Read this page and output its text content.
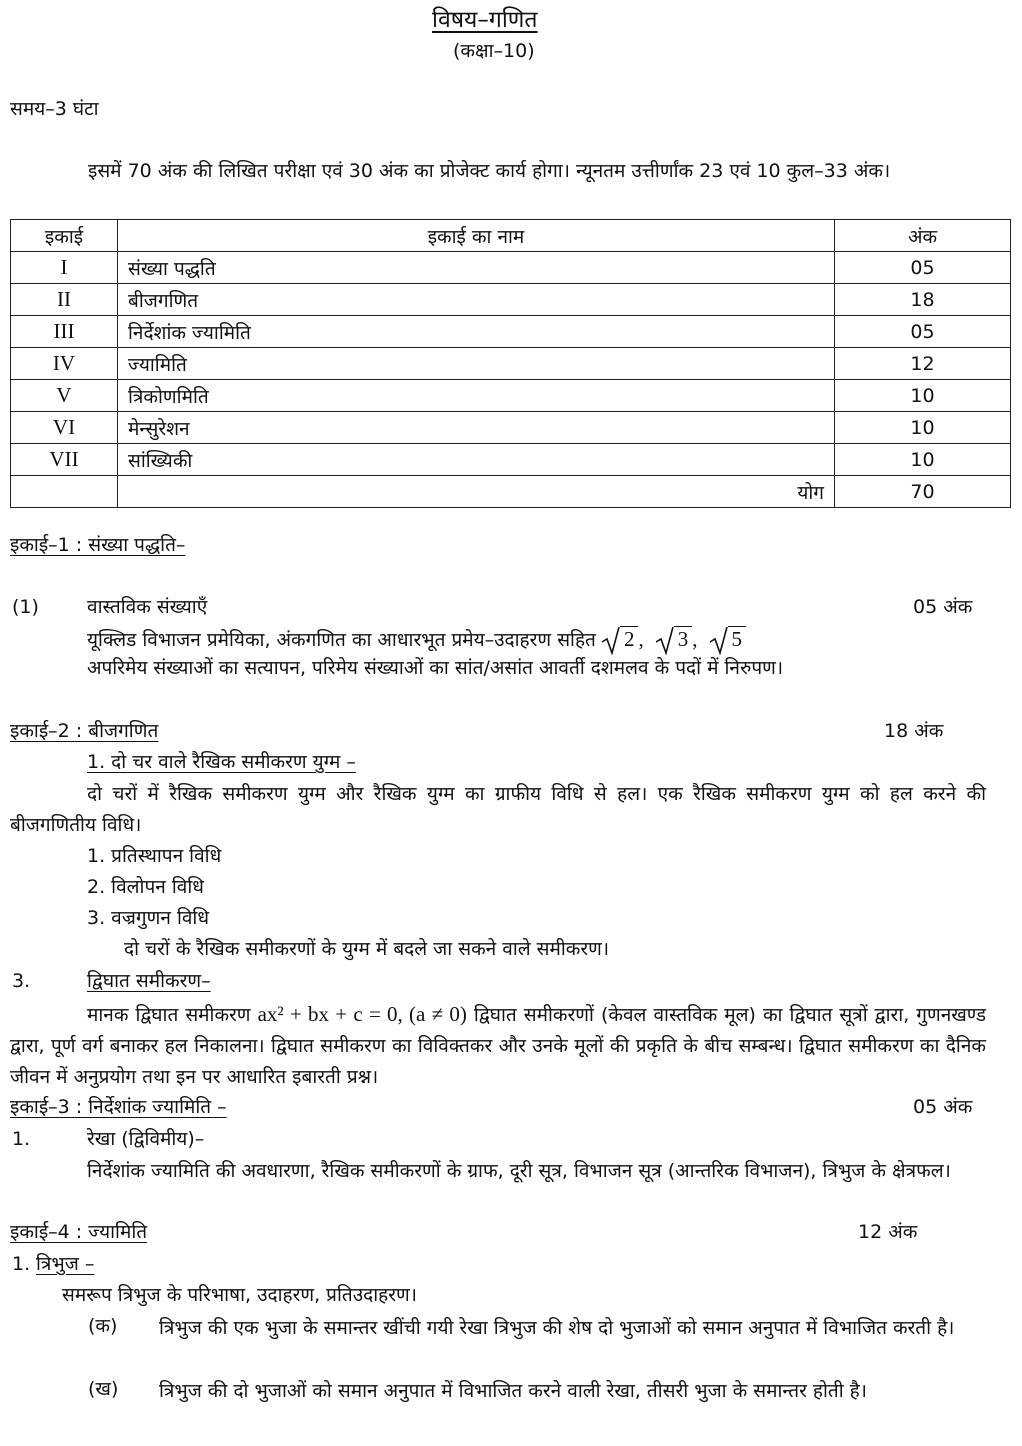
विषय–गणित
(कक्षा–10)
समय–3 घंटा

इसमें 70 अंक की लिखित परीक्षा एवं 30 अंक का प्रोजेक्ट कार्य होगा। न्यूनतम उत्तीर्णांक 23 एवं 10 कुल–33 अंक।

इकाई	इकाई का नाम	अंक
I	संख्या पद्धति	05
II	बीजगणित	18
III	निर्देशांक ज्यामिति	05
IV	ज्यामिति	12
V	त्रिकोणमिति	10
VI	मेन्सुरेशन	10
VII	सांख्यिकी	10
	योग	70
इकाई–1 : संख्या पद्धति–
(1)	वास्तविक संख्याएँ	05 अंक
यूक्लिड विभाजन प्रमेयिका, अंकगणित का आधारभूत प्रमेय–उदाहरण सहित 2 , 3 , 5
अपरिमेय संख्याओं का सत्यापन, परिमेय संख्याओं का सांत/असांत आवर्ती दशमलव के पदों में निरुपण।
इकाई–2 : बीजगणित	18 अंक
1. दो चर वाले रैखिक समीकरण युग्म –

दो चरों में रैखिक समीकरण युग्म और रैखिक युग्म का ग्राफीय विधि से हल। एक रैखिक समीकरण युग्म को हल करने की बीजगणितीय विधि।

1. प्रतिस्थापन विधि
2. विलोपन विधि
3. वज्रगुणन विधि
दो चरों के रैखिक समीकरणों के युग्म में बदले जा सकने वाले समीकरण।
3.	द्विघात समीकरण–

मानक द्विघात समीकरण ax² + bx + c = 0, (a ≠ 0) द्विघात समीकरणों (केवल वास्तविक मूल) का द्विघात सूत्रों द्वारा, गुणनखण्ड द्वारा, पूर्ण वर्ग बनाकर हल निकालना। द्विघात समीकरण का विविक्तकर और उनके मूलों की प्रकृति के बीच सम्बन्ध। द्विघात समीकरण का दैनिक जीवन में अनुप्रयोग तथा इन पर आधारित इबारती प्रश्न।

इकाई–3 : निर्देशांक ज्यामिति –	05 अंक
1.	रेखा (द्विविमीय)–

निर्देशांक ज्यामिति की अवधारणा, रैखिक समीकरणों के ग्राफ, दूरी सूत्र, विभाजन सूत्र (आन्तरिक विभाजन), त्रिभुज के क्षेत्रफल।

इकाई–4 : ज्यामिति	12 अंक
1. त्रिभुज –
समरूप त्रिभुज के परिभाषा, उदाहरण, प्रतिउदाहरण।
(क) त्रिभुज की एक भुजा के समान्तर खींची गयी रेखा त्रिभुज की शेष दो भुजाओं को समान अनुपात में विभाजित करती है।

(ख) त्रिभुज की दो भुजाओं को समान अनुपात में विभाजित करने वाली रेखा, तीसरी भुजा के समान्तर होती है।
